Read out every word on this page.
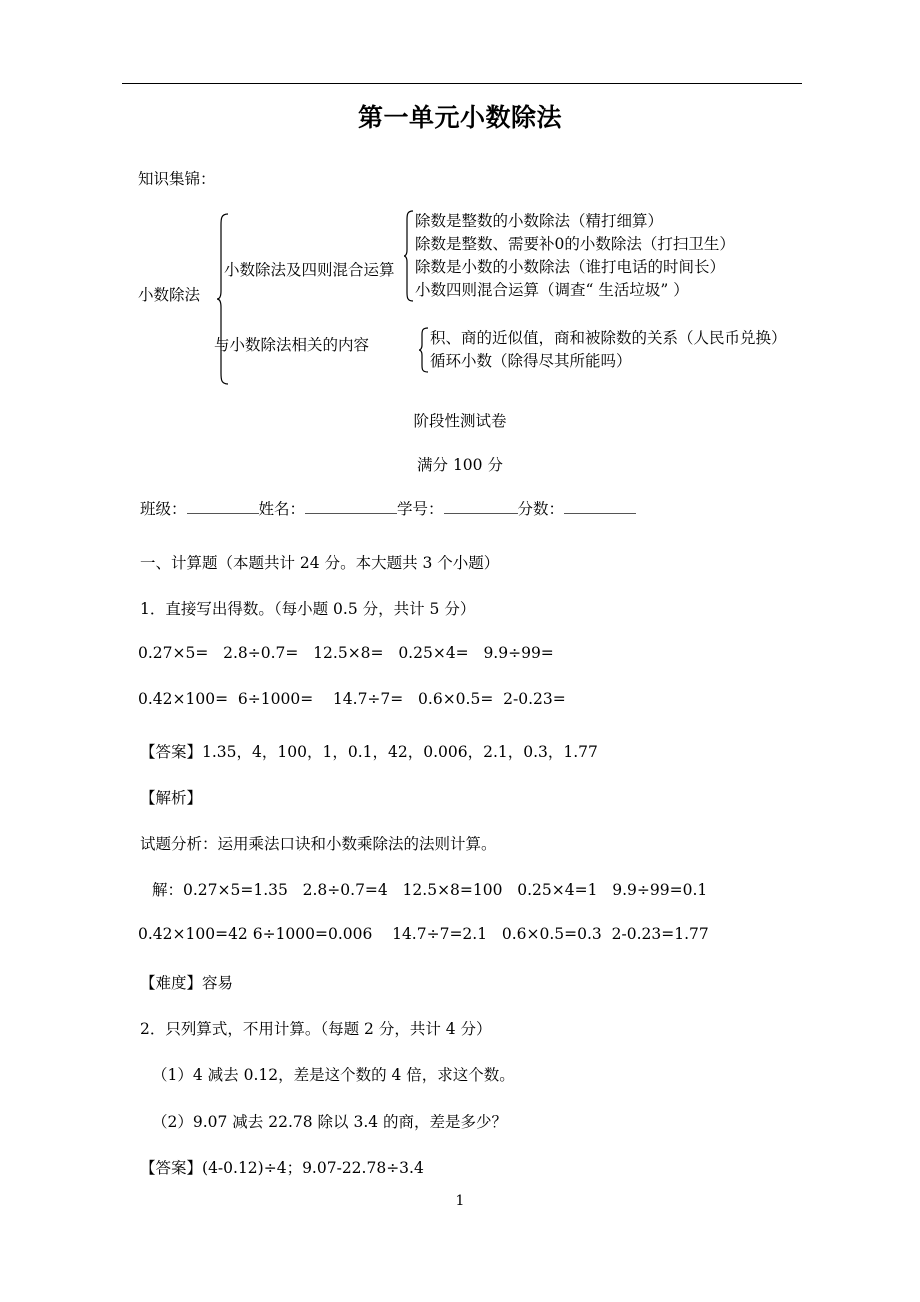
第一单元小数除法
知识集锦：
小数除法
小数除法及四则混合运算
除数是整数的小数除法（精打细算）
除数是整数、需要补0的小数除法（打扫卫生）
除数是小数的小数除法（谁打电话的时间长）
小数四则混合运算（调查“ 生活垃圾” ）
与小数除法相关的内容	积、商的近似值，商和被除数的关系（人民币兑换）
循环小数（除得尽其所能吗）
阶段性测试卷
满分 100 分
班级：	姓名：	学号：	分数：
一、计算题（本题共计 24 分。本大题共 3 个小题）
1．直接写出得数。（每小题 0.5 分，共计 5 分）
0.27×5=   2.8÷0.7=   12.5×8=   0.25×4=   9.9÷99=
0.42×100=  6÷1000=    14.7÷7=   0.6×0.5=  2-0.23=
【答案】1.35，4，100，1，0.1，42，0.006，2.1，0.3，1.77
【解析】
试题分析：运用乘法口诀和小数乘除法的法则计算。
解：0.27×5=1.35   2.8÷0.7=4   12.5×8=100   0.25×4=1   9.9÷99=0.1
0.42×100=42 6÷1000=0.006    14.7÷7=2.1   0.6×0.5=0.3  2-0.23=1.77
【难度】容易
2．只列算式，不用计算。（每题 2 分，共计 4 分）
（1）4 减去 0.12，差是这个数的 4 倍，求这个数。
（2）9.07 减去 22.78 除以 3.4 的商，差是多少？
【答案】(4-0.12)÷4；9.07-22.78÷3.4
1
